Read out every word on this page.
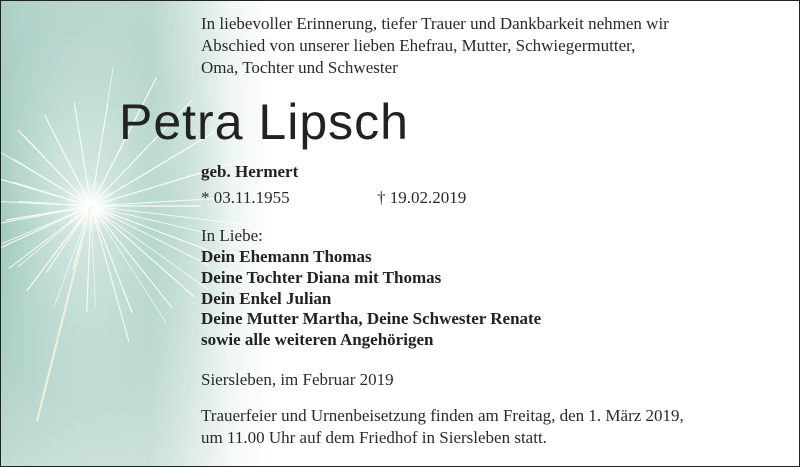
In liebevoller Erinnerung, tiefer Trauer und Dankbarkeit nehmen wir
Abschied von unserer lieben Ehefrau, Mutter, Schwiegermutter,
Oma, Tochter und Schwester
Petra Lipsch
geb. Hermert
* 03.11.1955	† 19.02.2019
In Liebe:
Dein Ehemann Thomas
Deine Tochter Diana mit Thomas
Dein Enkel Julian
Deine Mutter Martha, Deine Schwester Renate
sowie alle weiteren Angehörigen
Siersleben, im Februar 2019
Trauerfeier und Urnenbeisetzung finden am Freitag, den 1. März 2019,
um 11.00 Uhr auf dem Friedhof in Siersleben statt.
